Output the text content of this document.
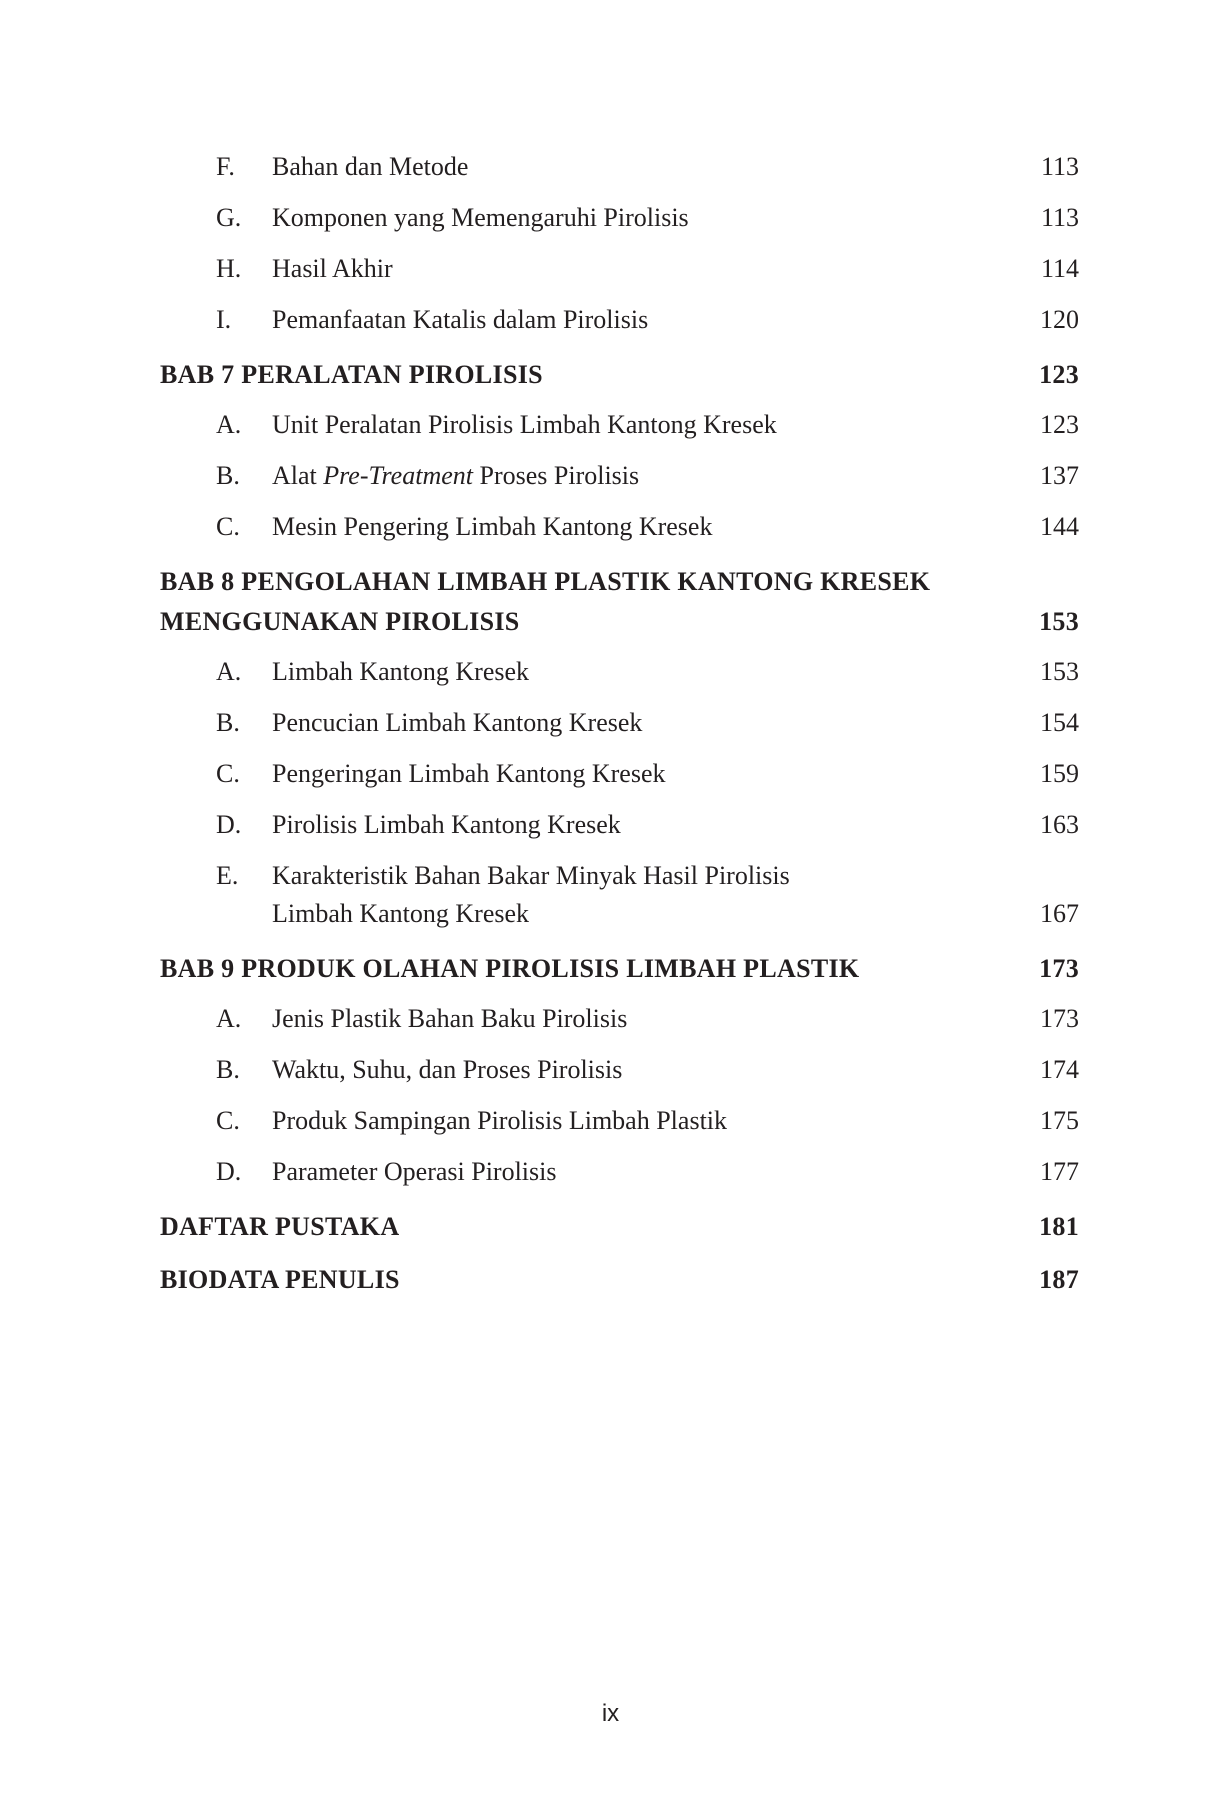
F.	Bahan dan Metode	113
G.	Komponen yang Memengaruhi Pirolisis	113
H.	Hasil Akhir	114
I.	Pemanfaatan Katalis dalam Pirolisis	120
BAB 7 PERALATAN PIROLISIS	123
A.	Unit Peralatan Pirolisis Limbah Kantong Kresek	123
B.	Alat Pre-Treatment Proses Pirolisis	137
C.	Mesin Pengering Limbah Kantong Kresek	144
BAB 8 PENGOLAHAN LIMBAH PLASTIK KANTONG KRESEK
MENGGUNAKAN PIROLISIS	153
A.	Limbah Kantong Kresek	153
B.	Pencucian Limbah Kantong Kresek	154
C.	Pengeringan Limbah Kantong Kresek	159
D.	Pirolisis Limbah Kantong Kresek	163
E.	Karakteristik Bahan Bakar Minyak Hasil Pirolisis
Limbah Kantong Kresek	167
BAB 9 PRODUK OLAHAN PIROLISIS LIMBAH PLASTIK	173
A.	Jenis Plastik Bahan Baku Pirolisis	173
B.	Waktu, Suhu, dan Proses Pirolisis	174
C.	Produk Sampingan Pirolisis Limbah Plastik	175
D.	Parameter Operasi Pirolisis	177
DAFTAR PUSTAKA	181
BIODATA PENULIS	187
ix
